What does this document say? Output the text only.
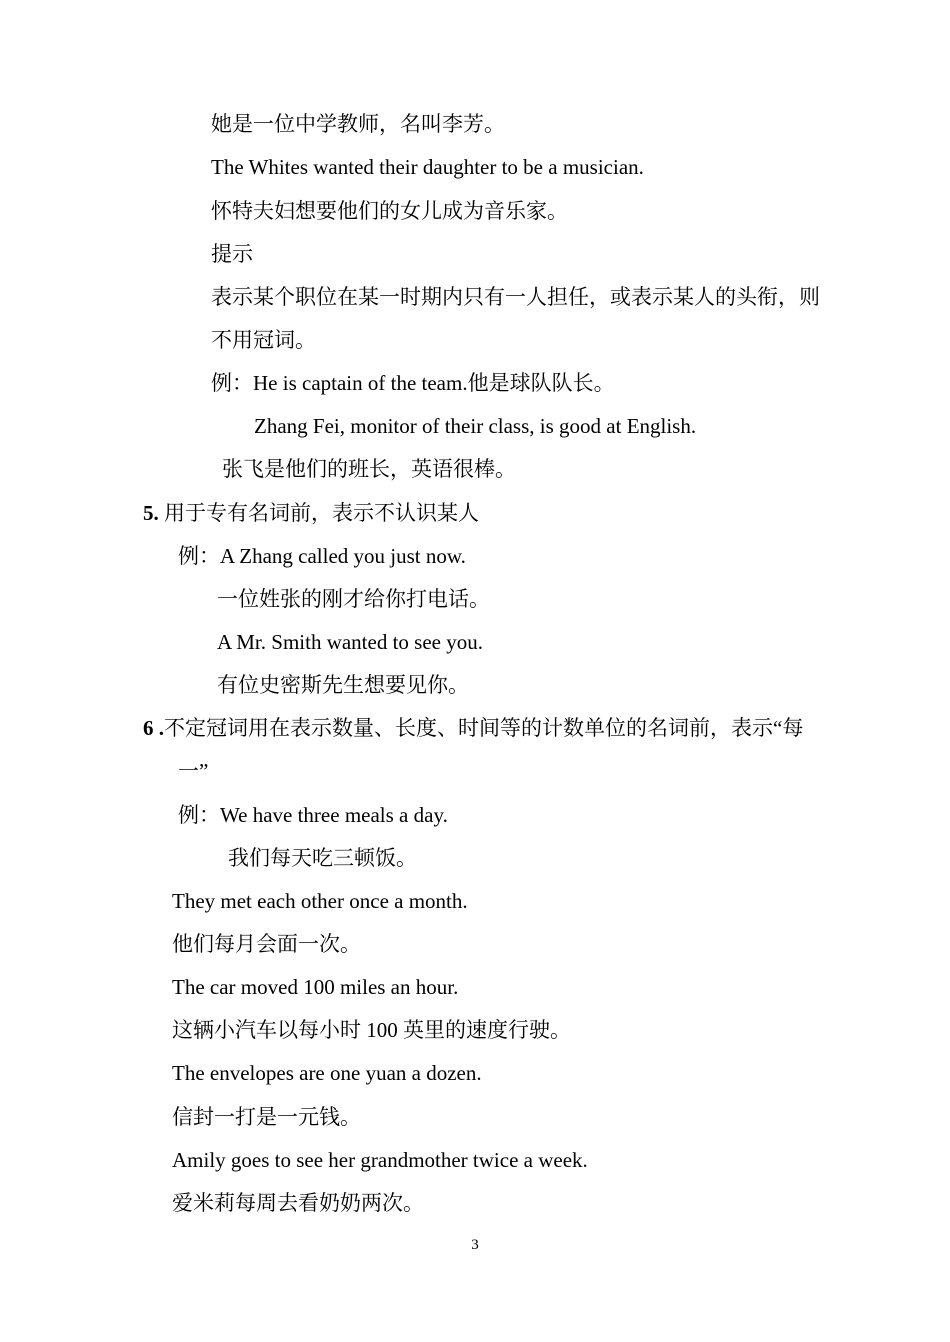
她是一位中学教师，名叫李芳。
The Whites wanted their daughter to be a musician.
怀特夫妇想要他们的女儿成为音乐家。
提示
表示某个职位在某一时期内只有一人担任，或表示某人的头衔，则
不用冠词。
例：He is captain of the team.他是球队队长。
Zhang Fei, monitor of their class, is good at English.
张飞是他们的班长，英语很棒。
5. 用于专有名词前，表示不认识某人
例：A Zhang called you just now.
一位姓张的刚才给你打电话。
A Mr. Smith wanted to see you.
有位史密斯先生想要见你。
6 .不定冠词用在表示数量、长度、时间等的计数单位的名词前，表示“每
一”
例：We have three meals a day.
我们每天吃三顿饭。
They met each other once a month.
他们每月会面一次。
The car moved 100 miles an hour.
这辆小汽车以每小时 100 英里的速度行驶。
The envelopes are one yuan a dozen.
信封一打是一元钱。
Amily goes to see her grandmother twice a week.
爱米莉每周去看奶奶两次。
3
